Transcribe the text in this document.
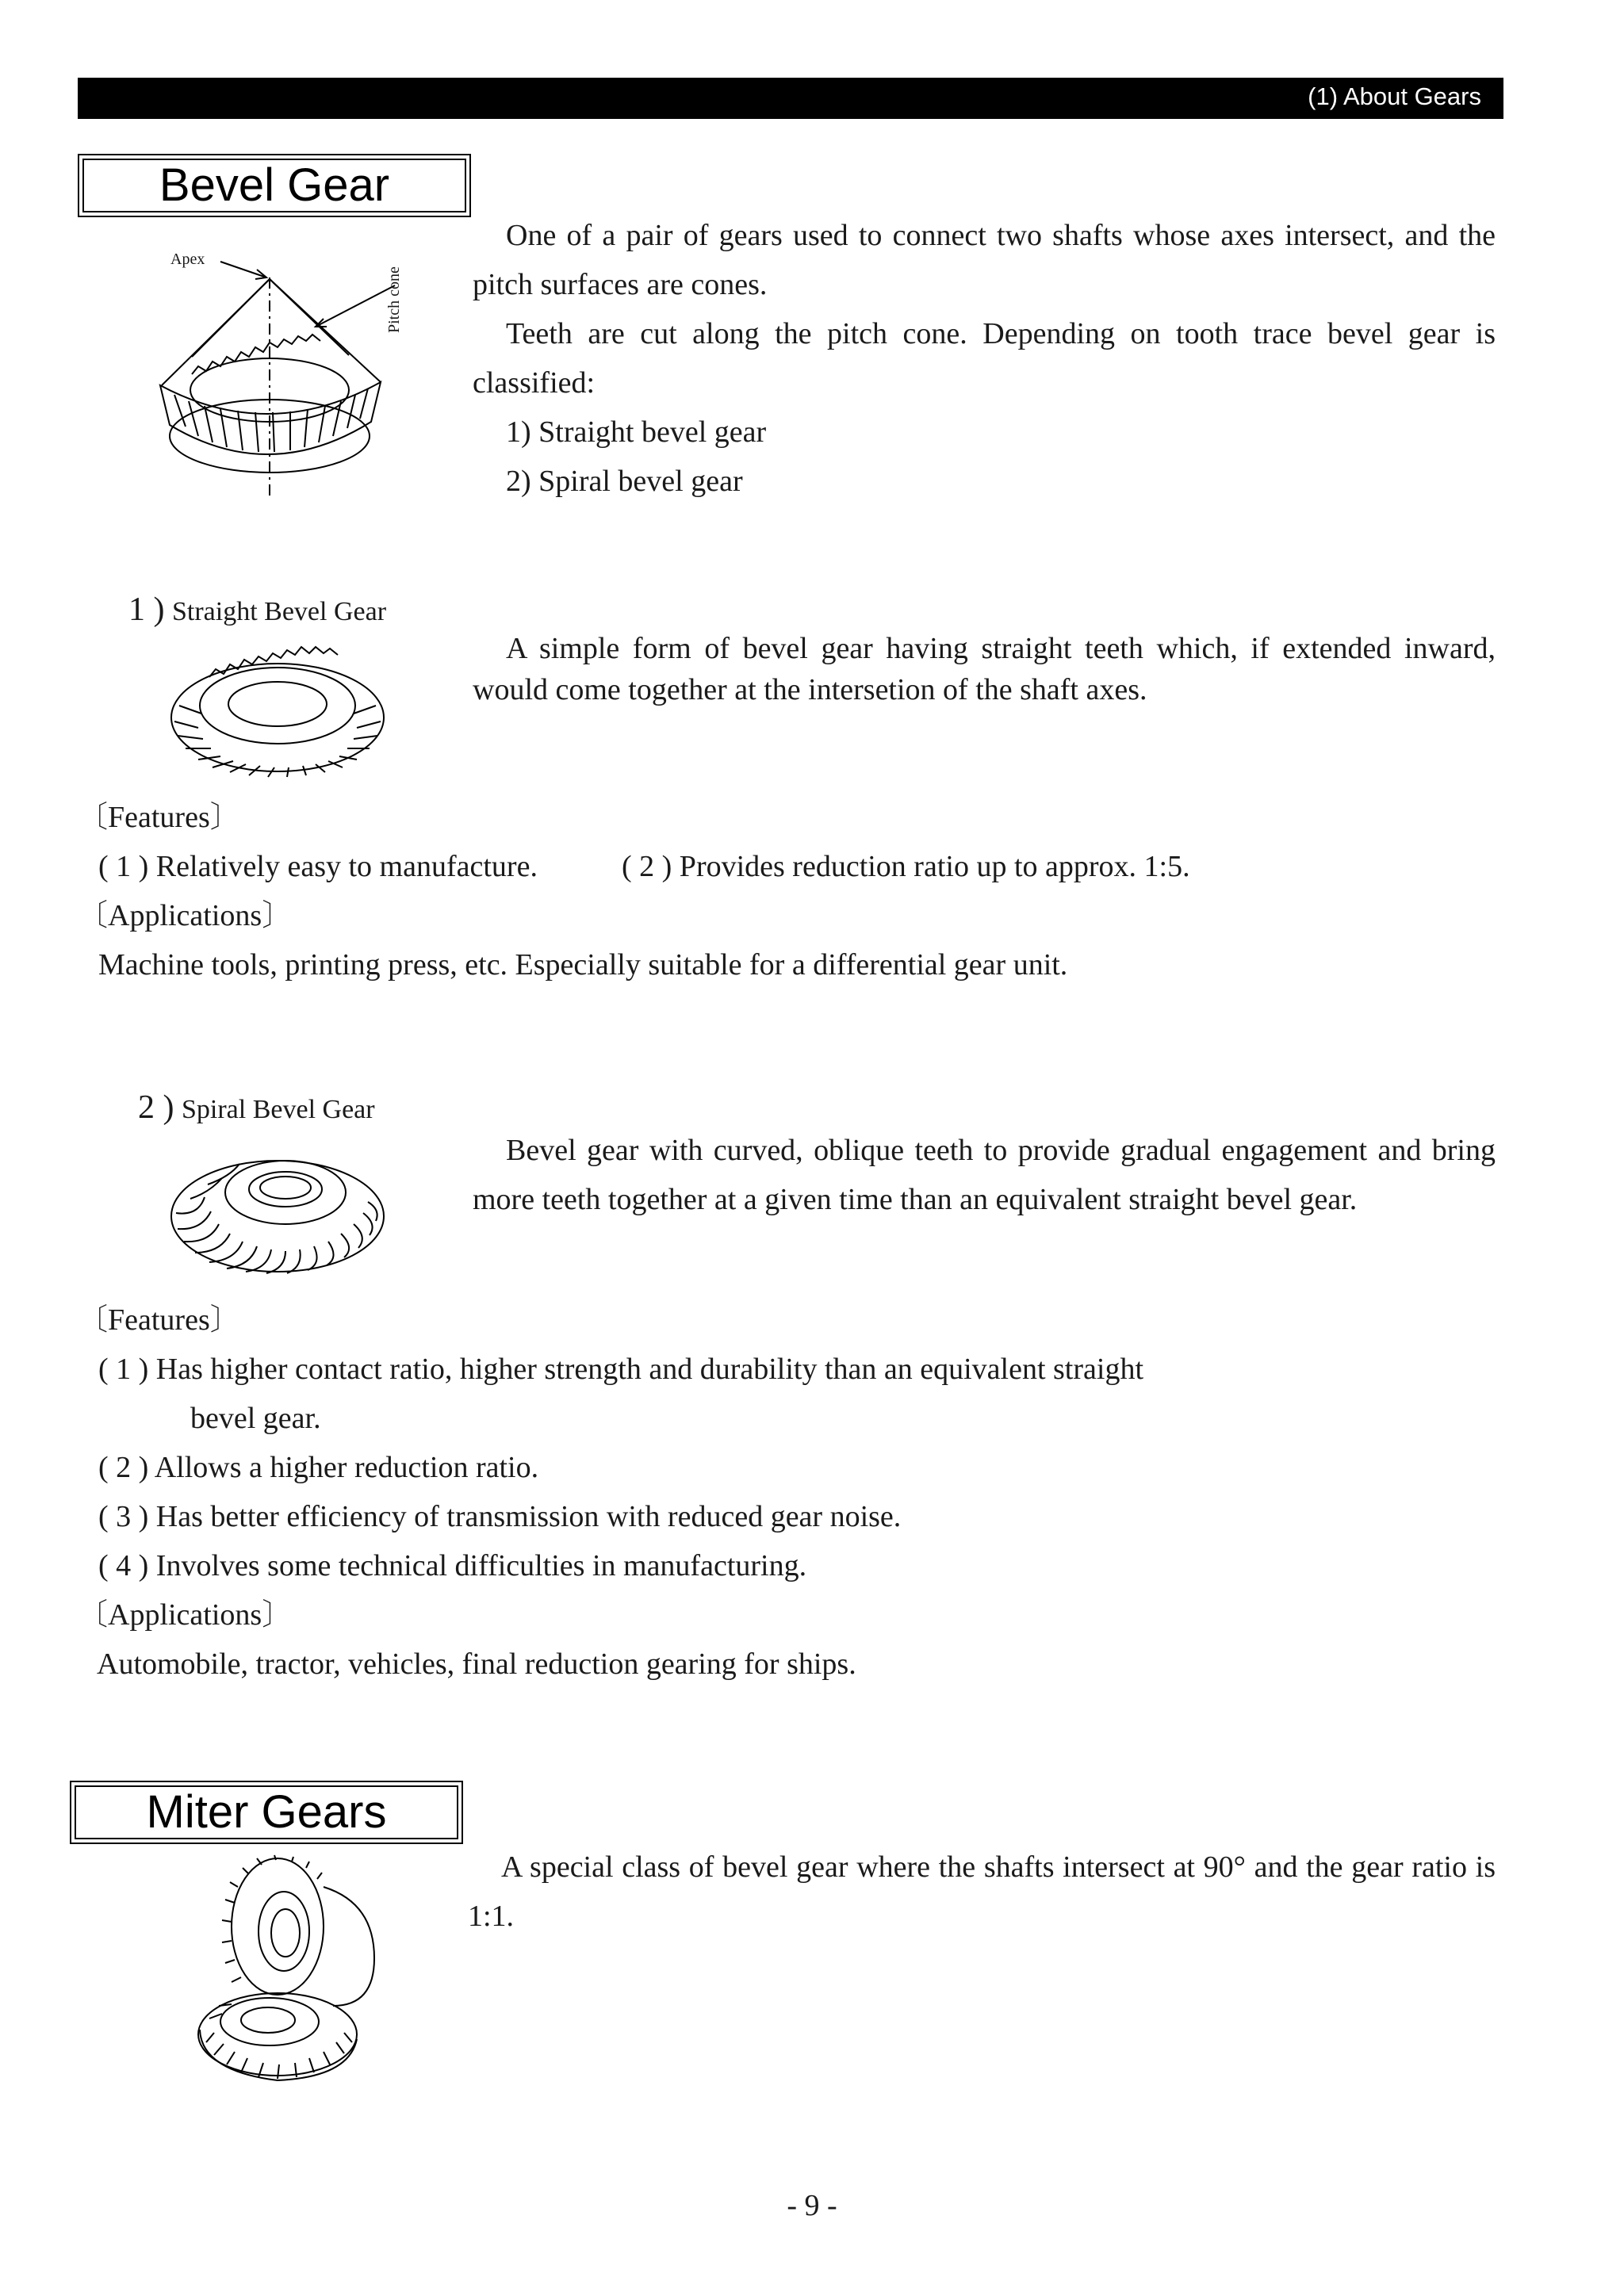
(1) About Gears
Bevel Gear
Apex
Pitch cone
One of a pair of gears used to connect two shafts whose axes intersect, and the pitch surfaces are cones.
Teeth are cut along the pitch cone. Depending on tooth trace bevel gear is classified:
1) Straight bevel gear
2) Spiral bevel gear
1 ) Straight Bevel Gear
A simple form of bevel gear having straight teeth which, if extended inward, would come together at the intersetion of the shaft axes.
〔Features〕
( 1 ) Relatively easy to manufacture.	( 2 ) Provides reduction ratio up to approx. 1:5.
〔Applications〕
Machine tools, printing press, etc. Especially suitable for a differential gear unit.
2 ) Spiral Bevel Gear
Bevel gear with curved, oblique teeth to provide gradual engagement and bring more teeth together at a given time than an equivalent straight bevel gear.
〔Features〕
( 1 ) Has higher contact ratio, higher strength and durability than an equivalent straight
bevel gear.
( 2 ) Allows a higher reduction ratio.
( 3 ) Has better efficiency of transmission with reduced gear noise.
( 4 ) Involves some technical difficulties in manufacturing.
〔Applications〕
Automobile, tractor, vehicles, final reduction gearing for ships.
Miter Gears
A special class of bevel gear where the shafts intersect at 90° and the gear ratio is 1:1.
- 9 -
